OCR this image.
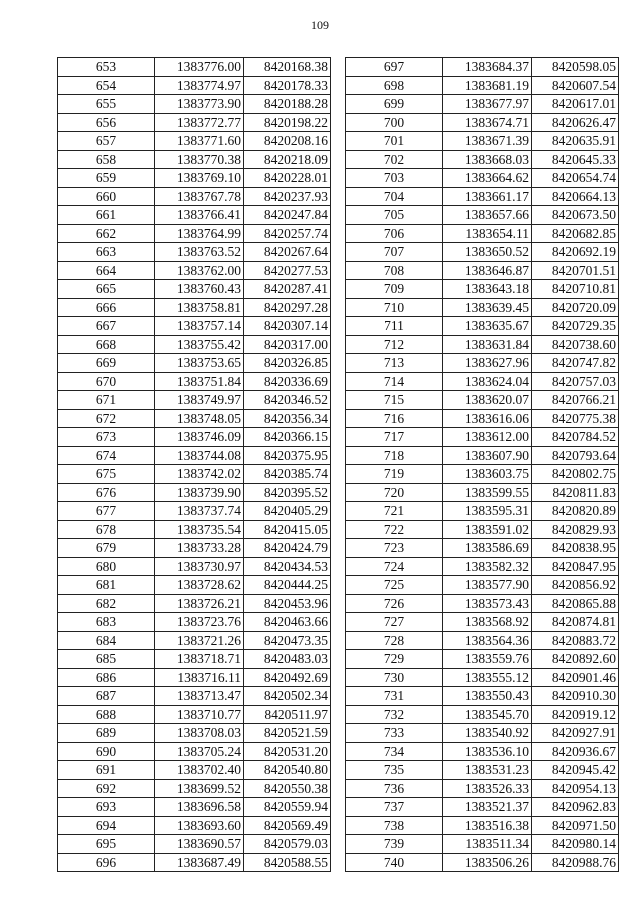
109
653	1383776.00	8420168.38
654	1383774.97	8420178.33
655	1383773.90	8420188.28
656	1383772.77	8420198.22
657	1383771.60	8420208.16
658	1383770.38	8420218.09
659	1383769.10	8420228.01
660	1383767.78	8420237.93
661	1383766.41	8420247.84
662	1383764.99	8420257.74
663	1383763.52	8420267.64
664	1383762.00	8420277.53
665	1383760.43	8420287.41
666	1383758.81	8420297.28
667	1383757.14	8420307.14
668	1383755.42	8420317.00
669	1383753.65	8420326.85
670	1383751.84	8420336.69
671	1383749.97	8420346.52
672	1383748.05	8420356.34
673	1383746.09	8420366.15
674	1383744.08	8420375.95
675	1383742.02	8420385.74
676	1383739.90	8420395.52
677	1383737.74	8420405.29
678	1383735.54	8420415.05
679	1383733.28	8420424.79
680	1383730.97	8420434.53
681	1383728.62	8420444.25
682	1383726.21	8420453.96
683	1383723.76	8420463.66
684	1383721.26	8420473.35
685	1383718.71	8420483.03
686	1383716.11	8420492.69
687	1383713.47	8420502.34
688	1383710.77	8420511.97
689	1383708.03	8420521.59
690	1383705.24	8420531.20
691	1383702.40	8420540.80
692	1383699.52	8420550.38
693	1383696.58	8420559.94
694	1383693.60	8420569.49
695	1383690.57	8420579.03
696	1383687.49	8420588.55
697	1383684.37	8420598.05
698	1383681.19	8420607.54
699	1383677.97	8420617.01
700	1383674.71	8420626.47
701	1383671.39	8420635.91
702	1383668.03	8420645.33
703	1383664.62	8420654.74
704	1383661.17	8420664.13
705	1383657.66	8420673.50
706	1383654.11	8420682.85
707	1383650.52	8420692.19
708	1383646.87	8420701.51
709	1383643.18	8420710.81
710	1383639.45	8420720.09
711	1383635.67	8420729.35
712	1383631.84	8420738.60
713	1383627.96	8420747.82
714	1383624.04	8420757.03
715	1383620.07	8420766.21
716	1383616.06	8420775.38
717	1383612.00	8420784.52
718	1383607.90	8420793.64
719	1383603.75	8420802.75
720	1383599.55	8420811.83
721	1383595.31	8420820.89
722	1383591.02	8420829.93
723	1383586.69	8420838.95
724	1383582.32	8420847.95
725	1383577.90	8420856.92
726	1383573.43	8420865.88
727	1383568.92	8420874.81
728	1383564.36	8420883.72
729	1383559.76	8420892.60
730	1383555.12	8420901.46
731	1383550.43	8420910.30
732	1383545.70	8420919.12
733	1383540.92	8420927.91
734	1383536.10	8420936.67
735	1383531.23	8420945.42
736	1383526.33	8420954.13
737	1383521.37	8420962.83
738	1383516.38	8420971.50
739	1383511.34	8420980.14
740	1383506.26	8420988.76
